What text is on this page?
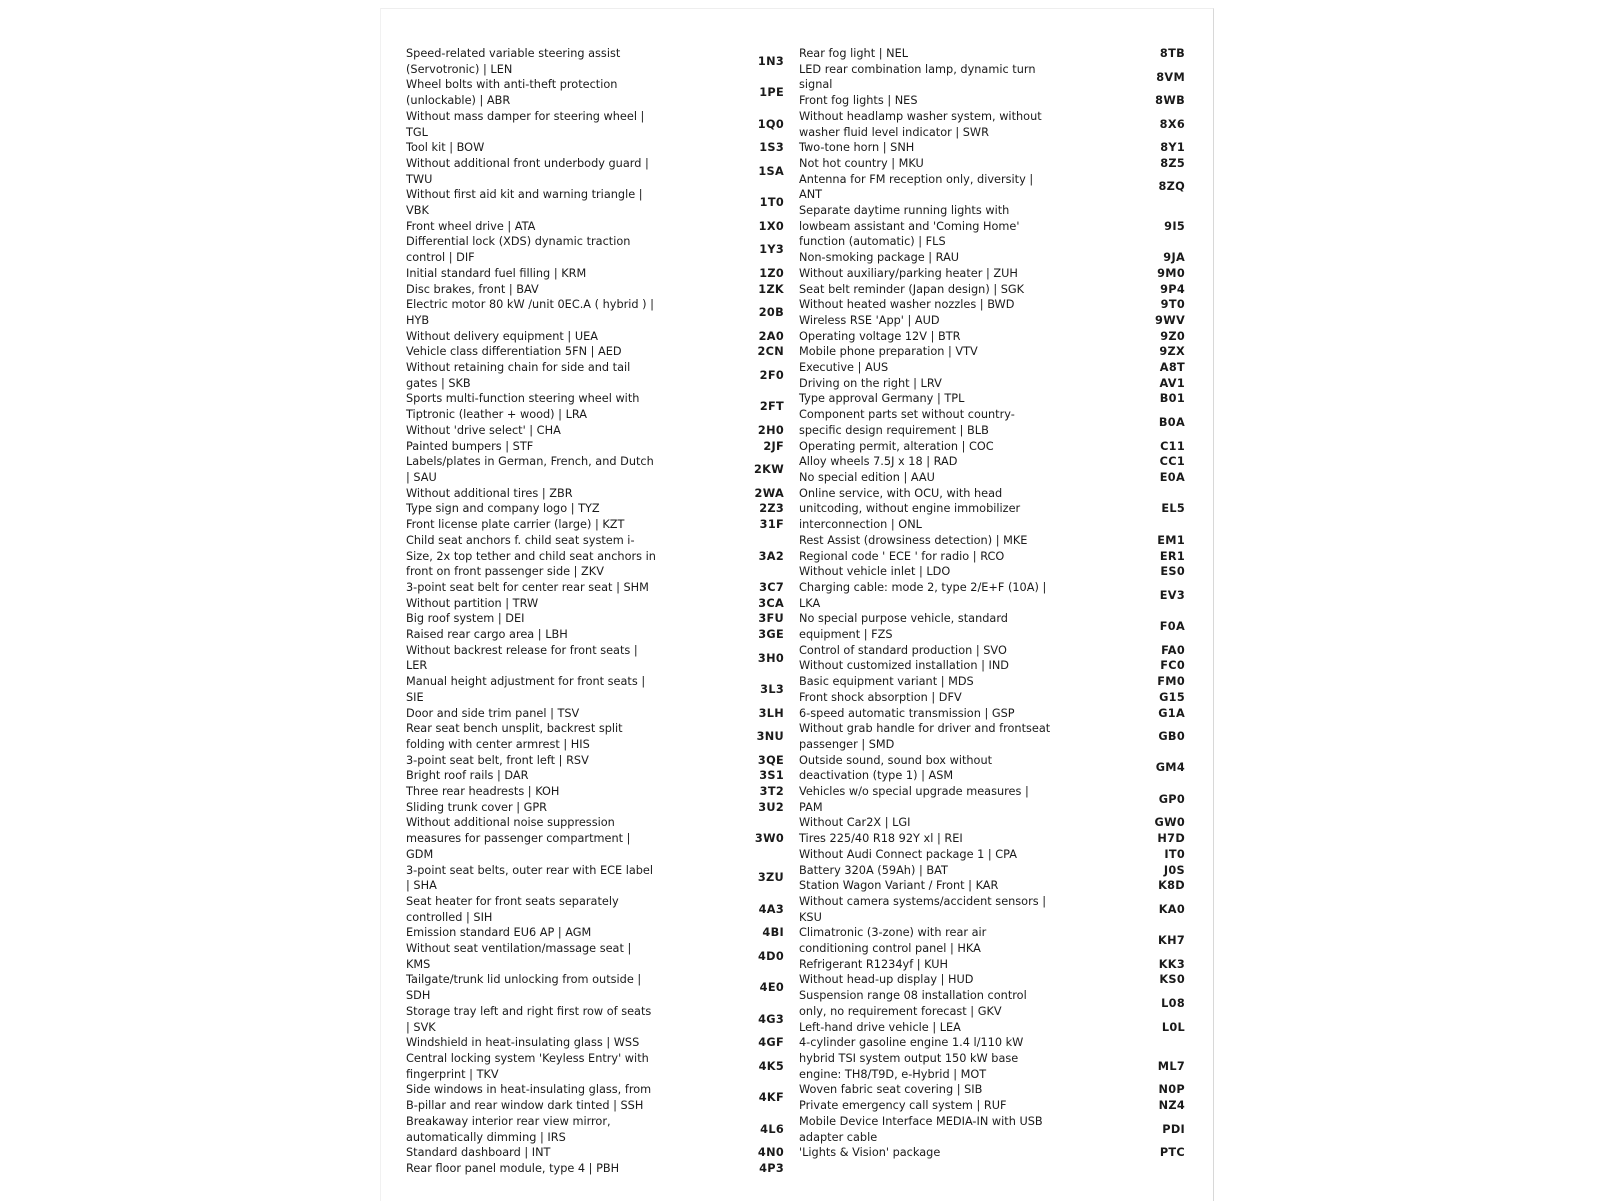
Speed-related variable steering assist
(Servotronic) | LEN
1N3
Wheel bolts with anti-theft protection
(unlockable) | ABR
1PE
Without mass damper for steering wheel |
TGL
1Q0
Tool kit | BOW	1S3
Without additional front underbody guard |
TWU
1SA
Without first aid kit and warning triangle |
VBK
1T0
Front wheel drive | ATA	1X0
Differential lock (XDS) dynamic traction
control | DIF
1Y3
Initial standard fuel filling | KRM	1Z0
Disc brakes, front | BAV	1ZK
Electric motor 80 kW /unit 0EC.A ( hybrid ) |
HYB
20B
Without delivery equipment | UEA	2A0
Vehicle class differentiation 5FN | AED	2CN
Without retaining chain for side and tail
gates | SKB
2F0
Sports multi-function steering wheel with
Tiptronic (leather + wood) | LRA
2FT
Without 'drive select' | CHA	2H0
Painted bumpers | STF	2JF
Labels/plates in German, French, and Dutch
| SAU
2KW
Without additional tires | ZBR	2WA
Type sign and company logo | TYZ	2Z3
Front license plate carrier (large) | KZT	31F
Child seat anchors f. child seat system i-
Size, 2x top tether and child seat anchors in
front on front passenger side | ZKV
3A2
3-point seat belt for center rear seat | SHM	3C7
Without partition | TRW	3CA
Big roof system | DEI	3FU
Raised rear cargo area | LBH	3GE
Without backrest release for front seats |
LER
3H0
Manual height adjustment for front seats |
SIE
3L3
Door and side trim panel | TSV	3LH
Rear seat bench unsplit, backrest split
folding with center armrest | HIS
3NU
3-point seat belt, front left | RSV	3QE
Bright roof rails | DAR	3S1
Three rear headrests | KOH	3T2
Sliding trunk cover | GPR	3U2
Without additional noise suppression
measures for passenger compartment |
GDM
3W0
3-point seat belts, outer rear with ECE label
| SHA
3ZU
Seat heater for front seats separately
controlled | SIH
4A3
Emission standard EU6 AP | AGM	4BI
Without seat ventilation/massage seat |
KMS
4D0
Tailgate/trunk lid unlocking from outside |
SDH
4E0
Storage tray left and right first row of seats
| SVK
4G3
Windshield in heat-insulating glass | WSS	4GF
Central locking system 'Keyless Entry' with
fingerprint | TKV
4K5
Side windows in heat-insulating glass, from
B-pillar and rear window dark tinted | SSH
4KF
Breakaway interior rear view mirror,
automatically dimming | IRS
4L6
Standard dashboard | INT	4N0
Rear floor panel module, type 4 | PBH	4P3
Rear fog light | NEL	8TB
LED rear combination lamp, dynamic turn
signal
8VM
Front fog lights | NES	8WB
Without headlamp washer system, without
washer fluid level indicator | SWR
8X6
Two-tone horn | SNH	8Y1
Not hot country | MKU	8Z5
Antenna for FM reception only, diversity |
ANT
8ZQ
Separate daytime running lights with
lowbeam assistant and 'Coming Home'
function (automatic) | FLS
9I5
Non-smoking package | RAU	9JA
Without auxiliary/parking heater | ZUH	9M0
Seat belt reminder (Japan design) | SGK	9P4
Without heated washer nozzles | BWD	9T0
Wireless RSE 'App' | AUD	9WV
Operating voltage 12V | BTR	9Z0
Mobile phone preparation | VTV	9ZX
Executive | AUS	A8T
Driving on the right | LRV	AV1
Type approval Germany | TPL	B01
Component parts set without country-
specific design requirement | BLB
B0A
Operating permit, alteration | COC	C11
Alloy wheels 7.5J x 18 | RAD	CC1
No special edition | AAU	E0A
Online service, with OCU, with head
unitcoding, without engine immobilizer
interconnection | ONL
EL5
Rest Assist (drowsiness detection) | MKE	EM1
Regional code ' ECE ' for radio | RCO	ER1
Without vehicle inlet | LDO	ES0
Charging cable: mode 2, type 2/E+F (10A) |
LKA
EV3
No special purpose vehicle, standard
equipment | FZS
F0A
Control of standard production | SVO	FA0
Without customized installation | IND	FC0
Basic equipment variant | MDS	FM0
Front shock absorption | DFV	G15
6-speed automatic transmission | GSP	G1A
Without grab handle for driver and frontseat
passenger | SMD
GB0
Outside sound, sound box without
deactivation (type 1) | ASM
GM4
Vehicles w/o special upgrade measures |
PAM
GP0
Without Car2X | LGI	GW0
Tires 225/40 R18 92Y xl | REI	H7D
Without Audi Connect package 1 | CPA	IT0
Battery 320A (59Ah) | BAT	J0S
Station Wagon Variant / Front | KAR	K8D
Without camera systems/accident sensors |
KSU
KA0
Climatronic (3-zone) with rear air
conditioning control panel | HKA
KH7
Refrigerant R1234yf | KUH	KK3
Without head-up display | HUD	KS0
Suspension range 08 installation control
only, no requirement forecast | GKV
L08
Left-hand drive vehicle | LEA	L0L
4-cylinder gasoline engine 1.4 l/110 kW
hybrid TSI system output 150 kW base
engine: TH8/T9D, e-Hybrid | MOT
ML7
Woven fabric seat covering | SIB	N0P
Private emergency call system | RUF	NZ4
Mobile Device Interface MEDIA-IN with USB
adapter cable
PDI
'Lights & Vision' package	PTC
